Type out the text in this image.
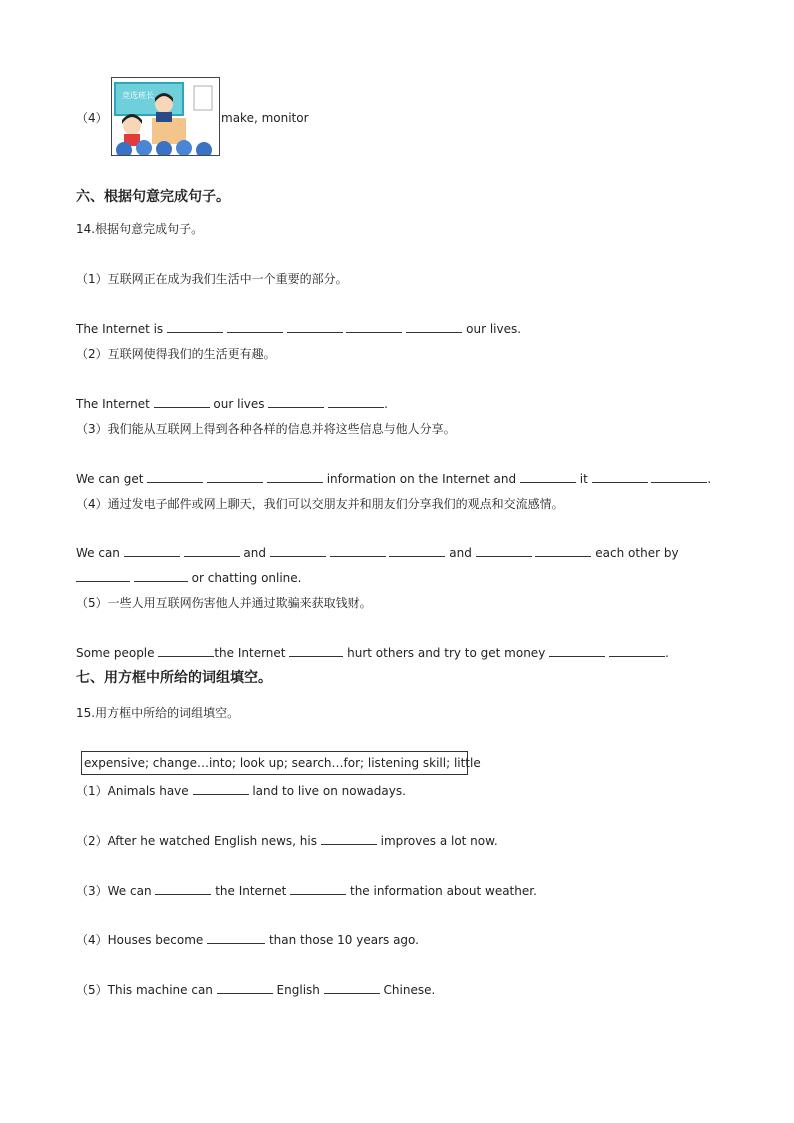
（4）
竞选班长
make, monitor
六、根据句意完成句子。
14.根据句意完成句子。
（1）互联网正在成为我们生活中一个重要的部分。
The Internet is	our lives.
（2）互联网使得我们的生活更有趣。
The Internet	our lives	.
（3）我们能从互联网上得到各种各样的信息并将这些信息与他人分享。
We can get	information on the Internet and	it	.
（4）通过发电子邮件或网上聊天，我们可以交朋友并和朋友们分享我们的观点和交流感情。
We can	and	and	each other by
or chatting online.
（5）一些人用互联网伤害他人并通过欺骗来获取钱财。
Some people	the Internet	hurt others and try to get money	.
七、用方框中所给的词组填空。
15.用方框中所给的词组填空。
expensive; change…into; look up; search…for; listening skill; little
（1）Animals have	land to live on nowadays.
（2）After he watched English news, his	improves a lot now.
（3）We can	the Internet	the information about weather.
（4）Houses become	than those 10 years ago.
（5）This machine can	English	Chinese.
